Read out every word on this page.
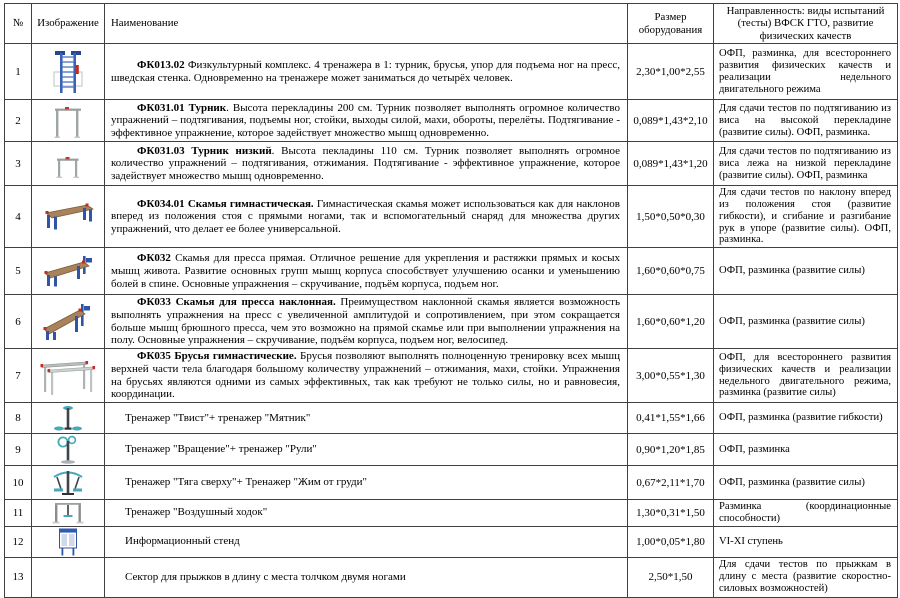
№	Изображение	Наименование	Размер оборудования	Направленность: виды испытаний (тесты) ВФСК ГТО, развитие физических качеств
1		ФК013.02 Физкультурный комплекс. 4 тренажера в 1: турник, брусья, упор для подъема ног на пресс, шведская стенка. Одновременно на тренажере может заниматься до четырёх человек.	2,30*1,00*2,55	ОФП, разминка, для всестороннего развития физических качеств и реализации недельного двигательного режима
2		ФК031.01 Турник. Высота перекладины 200 см. Турник позволяет выполнять огромное количество упражнений – подтягивания, подъемы ног, стойки, выходы силой, махи, обороты, перелёты. Подтягивание - эффективное упражнение, которое задействует множество мышц одновременно.	0,089*1,43*2,10	Для сдачи тестов по подтягиванию из виса на высокой перекладине (развитие силы). ОФП, разминка.
3		ФК031.03 Турник низкий. Высота пекладины 110 см. Турник позволяет выполнять огромное количество упражнений – подтягивания, отжимания. Подтягивание - эффективное упражнение, которое задействует множество мышц одновременно.	0,089*1,43*1,20	Для сдачи тестов по подтягиванию из виса лежа на низкой перекладине (развитие силы). ОФП, разминка
4		ФК034.01 Скамья гимнастическая. Гимнастическая скамья может использоваться как для наклонов вперед из положения стоя с прямыми ногами, так и вспомогательный снаряд для множества других упражнений, что делает ее более универсальной.	1,50*0,50*0,30	Для сдачи тестов по наклону вперед из положения стоя (развитие гибкости), и сгибание и разгибание рук в упоре (развитие силы). ОФП, разминка.
5		ФК032 Скамья для пресса прямая. Отличное решение для укрепления и растяжки прямых и косых мышц живота. Развитие основных групп мышц корпуса способствует улучшению осанки и уменьшению болей в спине. Основные упражнения – скручивание, подъём корпуса, подъем ног.	1,60*0,60*0,75	ОФП, разминка (развитие силы)
6		ФК033 Скамья для пресса наклонная. Преимуществом наклонной скамья является возможность выполнять упражнения на пресс с увеличенной амплитудой и сопротивлением, при этом сокращается больше мышц брюшного пресса, чем это возможно на прямой скамье или при выполнении упражнения на полу. Основные упражнения – скручивание, подъём корпуса, подъем ног, велосипед.	1,60*0,60*1,20	ОФП, разминка (развитие силы)
7		ФК035 Брусья гимнастические. Брусья позволяют выполнять полноценную тренировку всех мышц верхней части тела благодаря большому количеству упражнений – отжимания, махи, стойки. Упражнения на брусьях являются одними из самых эффективных, так как требуют не только силы, но и равновесия, координации.	3,00*0,55*1,30	ОФП, для всестороннего развития физических качеств и реализации недельного двигательного режима, разминка (развитие силы)
8		Тренажер "Твист"+ тренажер "Мятник"	0,41*1,55*1,66	ОФП, разминка (развитие гибкости)
9		Тренажер "Вращение"+ тренажер "Рули"	0,90*1,20*1,85	ОФП, разминка
10		Тренажер "Тяга сверху"+ Тренажер "Жим от груди"	0,67*2,11*1,70	ОФП, разминка (развитие силы)
11		Тренажер "Воздушный ходок"	1,30*0,31*1,50	Разминка (координационные способности)
12		Информационный стенд	1,00*0,05*1,80	VI-XI ступень
13		Сектор для прыжков в длину с места толчком двумя ногами	2,50*1,50	Для сдачи тестов по прыжкам в длину с места (развитие скоростно-силовых возможностей)
